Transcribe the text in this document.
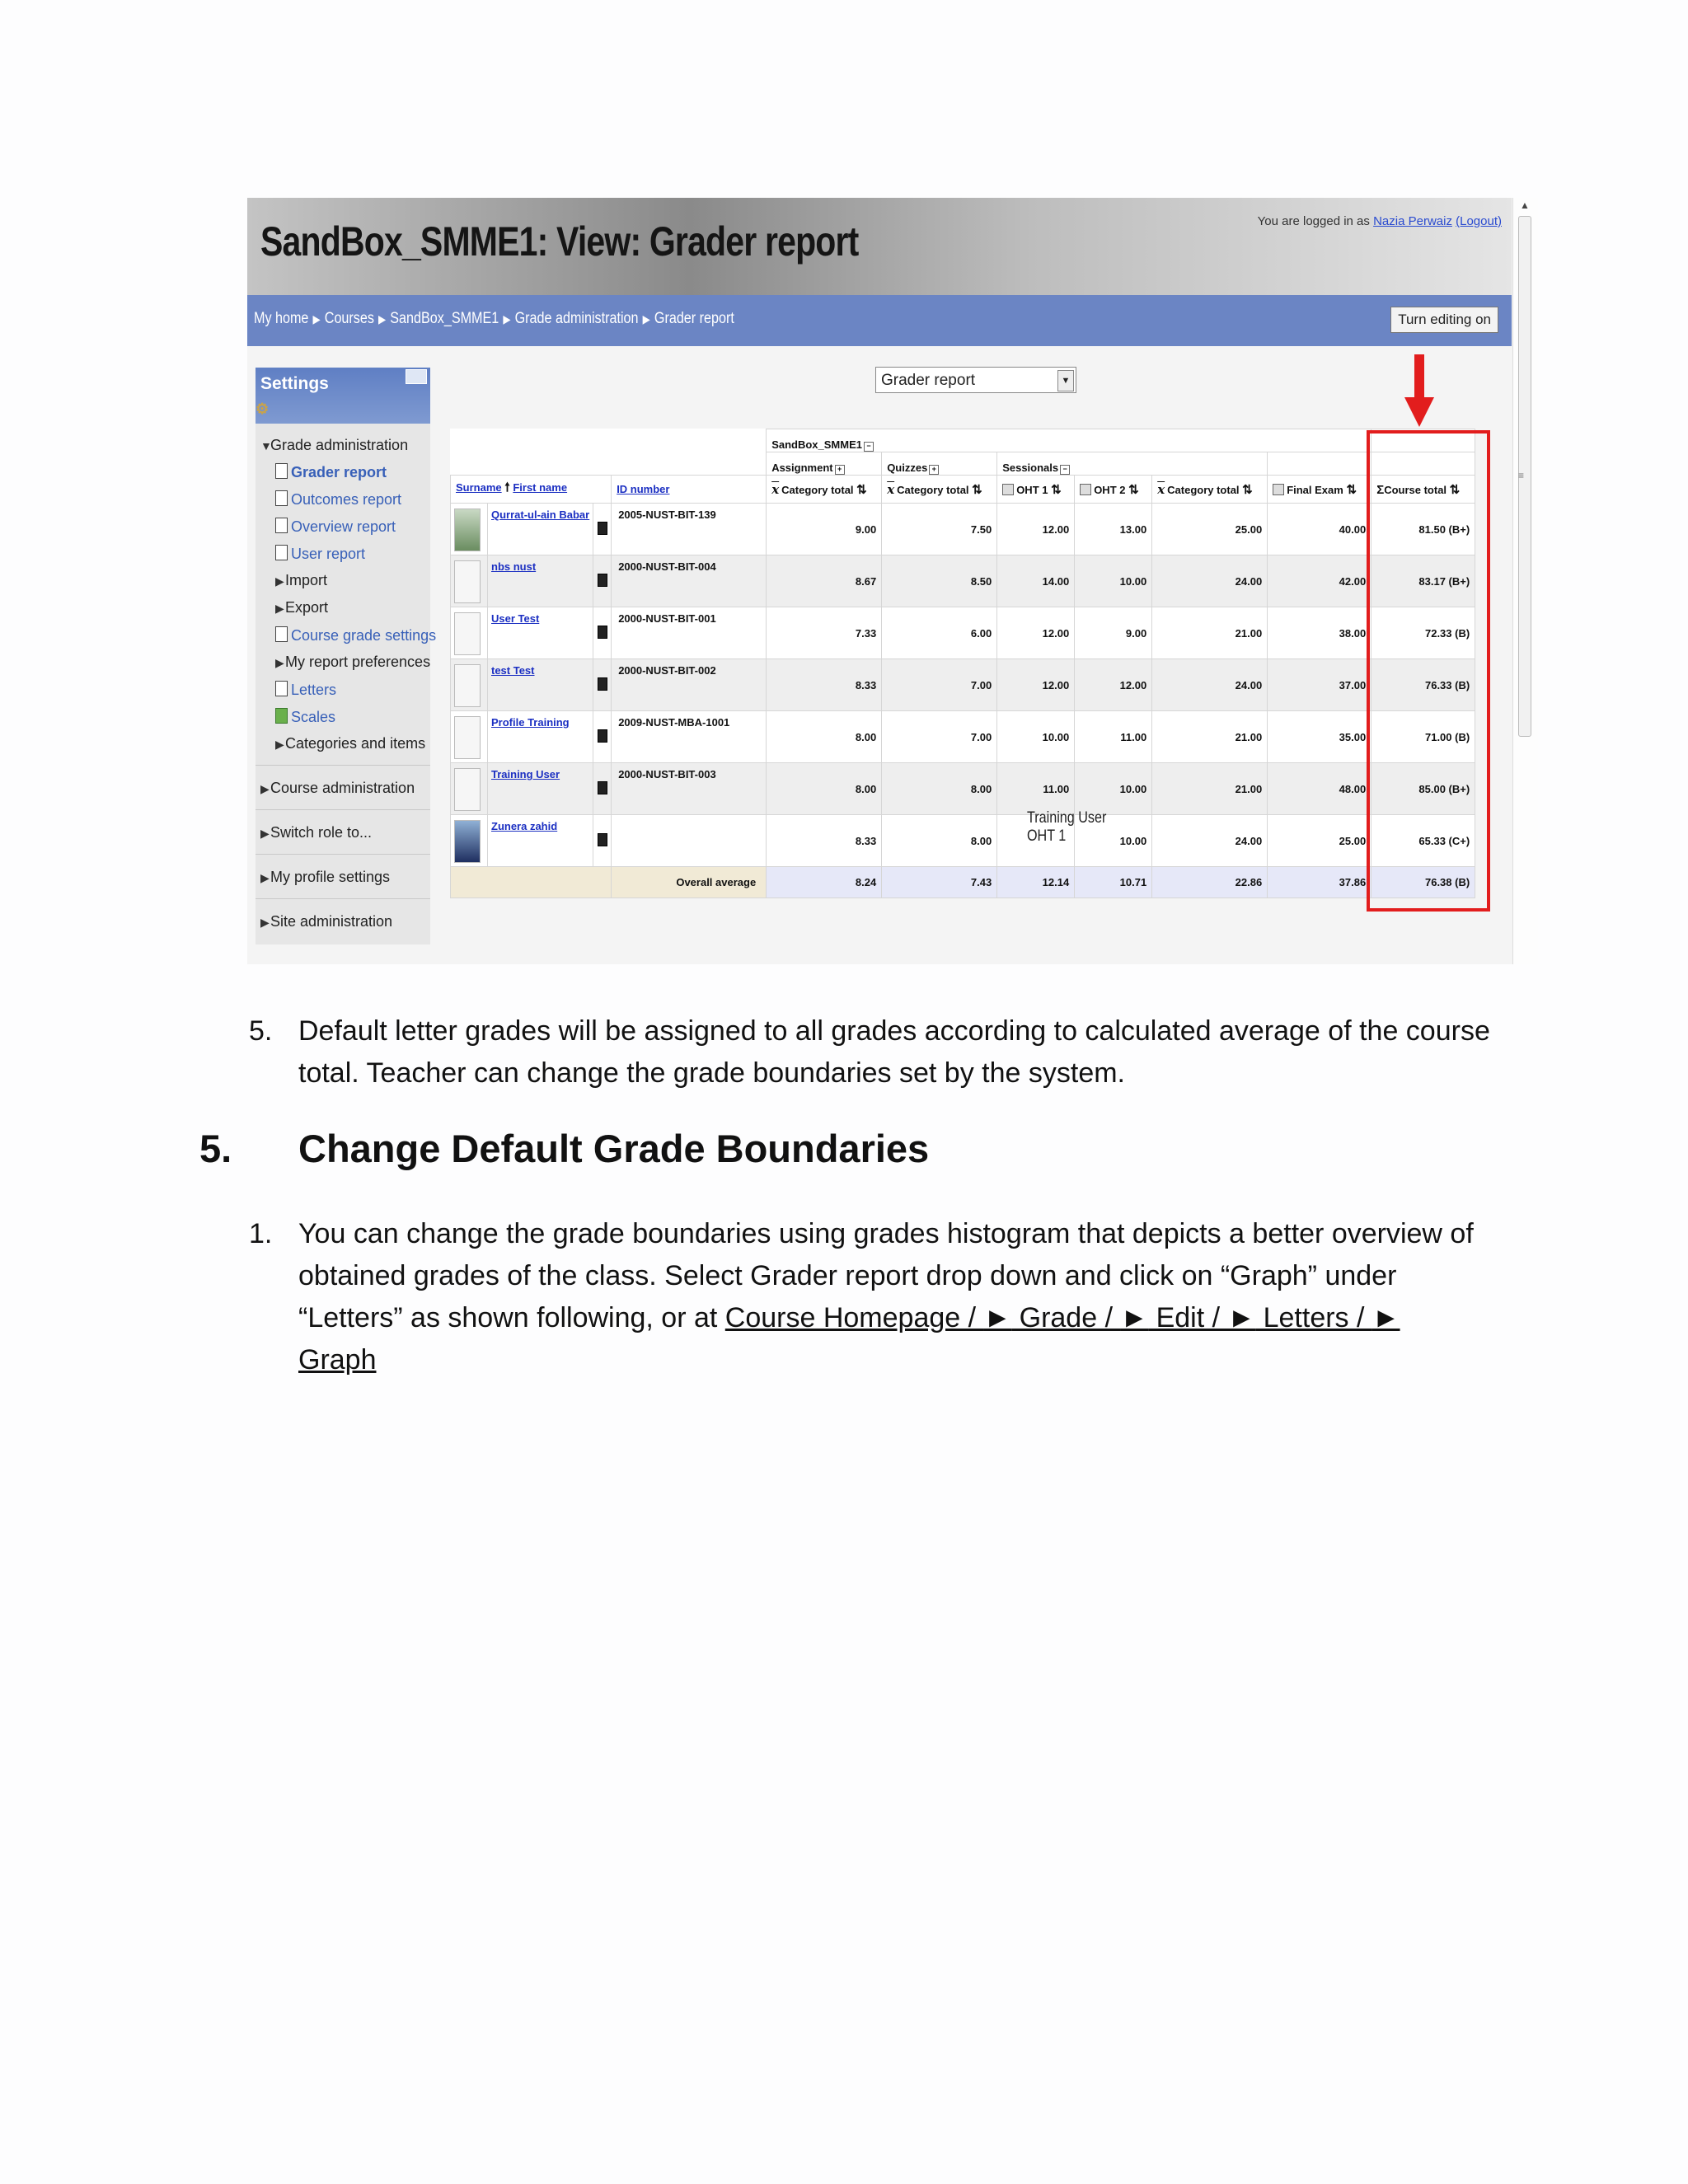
SandBox_SMME1: View: Grader report	You are logged in as Nazia Perwaiz (Logout)
My home ▶ Courses ▶ SandBox_SMME1 ▶ Grade administration ▶ Grader report	Turn editing on
Settings
⚙
▼Grade administration
Grader report
Outcomes report
Overview report
User report
▶Import
▶Export
Course grade settings
▶My report preferences
Letters
Scales
▶Categories and items
▶Course administration
▶Switch role to...
▶My profile settings
▶Site administration
Grader report	▼
				SandBox_SMME1 −						
				Assignment +	Quizzes +	Sessionals −				
Surname 🠕 First name			ID number	$\overline{x}$ Category total ⇅	$\overline{x}$ Category total ⇅	OHT 1 ⇅	OHT 2 ⇅	$\overline{x}$ Category total ⇅	Final Exam ⇅	ΣCourse total ⇅
	Qurrat-ul-ain Babar		2005-NUST-BIT-139	9.00	7.50	12.00	13.00	25.00	40.00	81.50 (B+)
	nbs nust		2000-NUST-BIT-004	8.67	8.50	14.00	10.00	24.00	42.00	83.17 (B+)
	User Test		2000-NUST-BIT-001	7.33	6.00	12.00	9.00	21.00	38.00	72.33 (B)
	test Test		2000-NUST-BIT-002	8.33	7.00	12.00	12.00	24.00	37.00	76.33 (B)
	Profile Training		2009-NUST-MBA-1001	8.00	7.00	10.00	11.00	21.00	35.00	71.00 (B)
	Training User		2000-NUST-BIT-003	8.00	8.00	11.00	10.00	21.00	48.00	85.00 (B+)
	Zunera zahid			8.33	8.00		10.00	24.00	25.00	65.33 (C+)
			Overall average	8.24	7.43	12.14	10.71	22.86	37.86	76.38 (B)
Training User
OHT 1
▲
≡
5. Default letter grades will be assigned to all grades according to calculated average of the course total. Teacher can change the grade boundaries set by the system.
5. Change Default Grade Boundaries
1. You can change the grade boundaries using grades histogram that depicts a better overview of obtained grades of the class. Select Grader report drop down and click on “Graph” under “Letters” as shown following, or at Course Homepage / ► Grade / ► Edit / ► Letters / ► Graph
